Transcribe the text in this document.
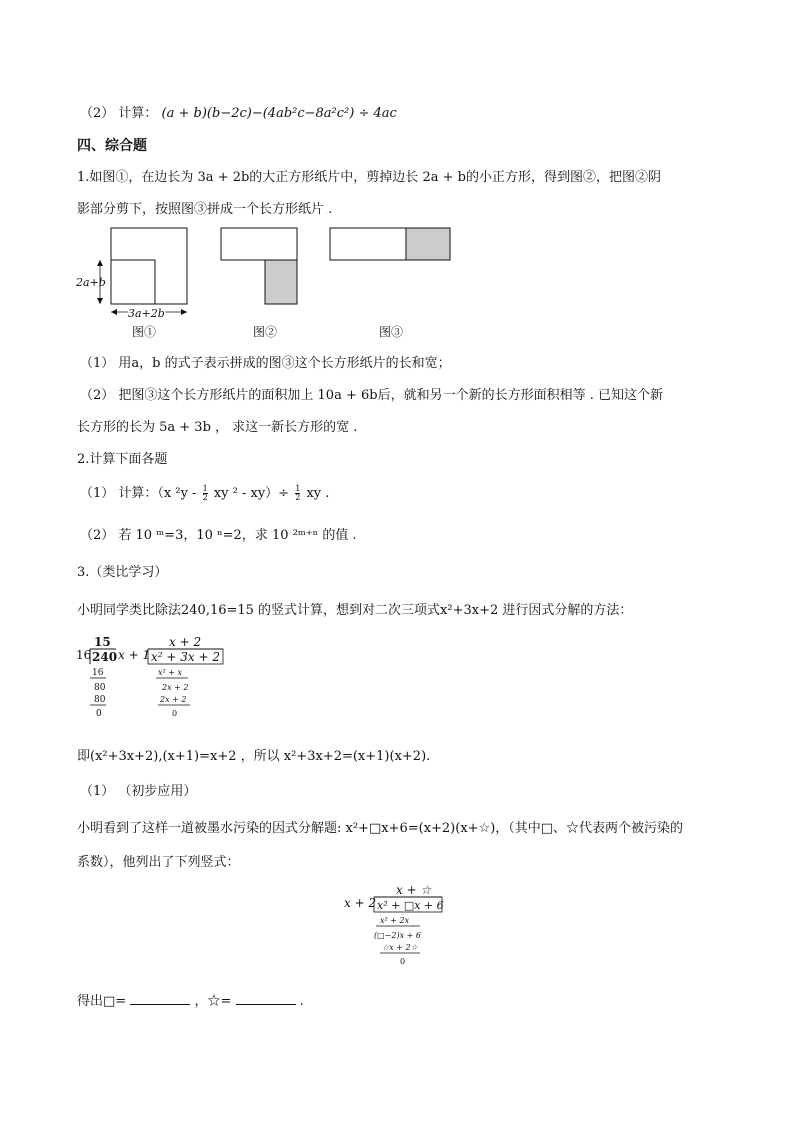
（2） 计算： (a + b)(b−2c)−(4ab²c−8a²c²) ÷ 4ac
四、综合题
1.如图①，在边长为 3a + 2b的大正方形纸片中，剪掉边长 2a + b的小正方形，得到图②，把图②阴
影部分剪下，按照图③拼成一个长方形纸片 .
2a+b
3a+2b
图①	图②	图③
（1） 用a，b 的式子表示拼成的图③这个长方形纸片的长和宽；
（2） 把图③这个长方形纸片的面积加上 10a + 6b后，就和另一个新的长方形面积相等 . 已知这个新
长方形的长为 5a + 3b ， 求这一新长方形的宽 .
2.计算下面各题
（1） 计算：（x $^2y - \frac{1}{2}$ xy $^2 - xy)\div \frac{1}{2}$ xy .
（2） 若 10 ᵐ=3，10 ⁿ=2，求 10 ²ᵐ⁺ⁿ 的值 .
3.（类比学习）
小明同学类比除法240,16=15 的竖式计算，想到对二次三项式x²+3x+2 进行因式分解的方法：
16
15
240
16
80
80
0
x + 1
x + 2
x² + 3x + 2
x² + x
2x + 2
2x + 2
0
即(x²+3x+2),(x+1)=x+2 ，所以 x²+3x+2=(x+1)(x+2).
（1） （初步应用）
小明看到了这样一道被墨水污染的因式分解题: x²+□x+6=(x+2)(x+☆)，（其中□、☆代表两个被污染的
系数），他列出了下列竖式：
x + 2
x + ☆
x² + □x + 6
x² + 2x
(□−2)x + 6
☆x + 2☆
0
得出□=	，☆=	.
